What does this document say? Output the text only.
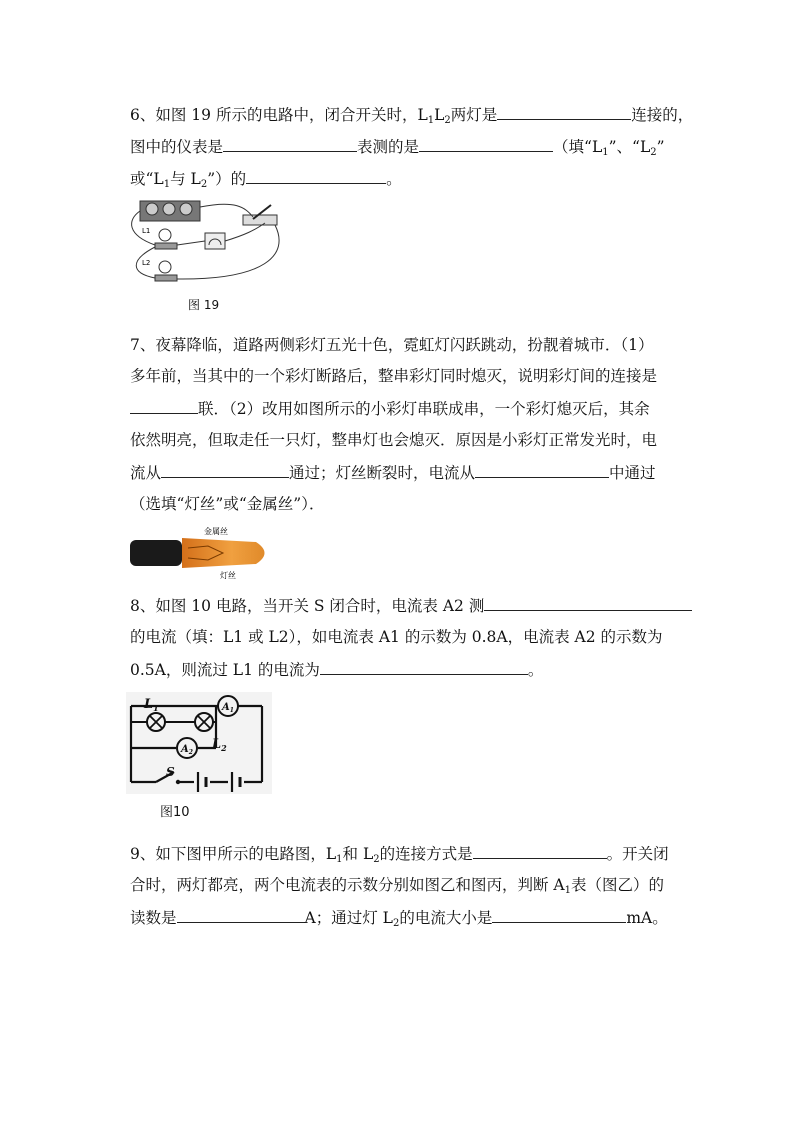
6、如图 19 所示的电路中，闭合开关时，$L_1L_2$两灯是	连接的，
图中的仪表是	表测的是	（填“$L_1$”、“$L_2$”
或“$L_1$与 $L_2$”）的	。
L1
L2
图 19
7、夜幕降临，道路两侧彩灯五光十色，霓虹灯闪跃跳动，扮靓着城市．（1）
多年前，当其中的一个彩灯断路后，整串彩灯同时熄灭，说明彩灯间的连接是
联．（2）改用如图所示的小彩灯串联成串，一个彩灯熄灭后，其余
依然明亮，但取走任一只灯，整串灯也会熄灭．原因是小彩灯正常发光时，电
流从	通过；灯丝断裂时，电流从	中通过
（选填“灯丝”或“金属丝”）．
金属丝
灯丝
8、如图 10 电路，当开关 S 闭合时，电流表 A2 测
的电流（填：L1 或 L2），如电流表 A1 的示数为 0.8A，电流表 A2 的示数为
0.5A，则流过 L1 的电流为	。
$L_1$
$L_2$
$A_1$
$A_2$
S
图10
9、如下图甲所示的电路图，$L_1$和 $L_2$的连接方式是	。开关闭
合时，两灯都亮，两个电流表的示数分别如图乙和图丙，判断 $A_1$表（图乙）的
读数是	A；通过灯 $L_2$的电流大小是	mA。
